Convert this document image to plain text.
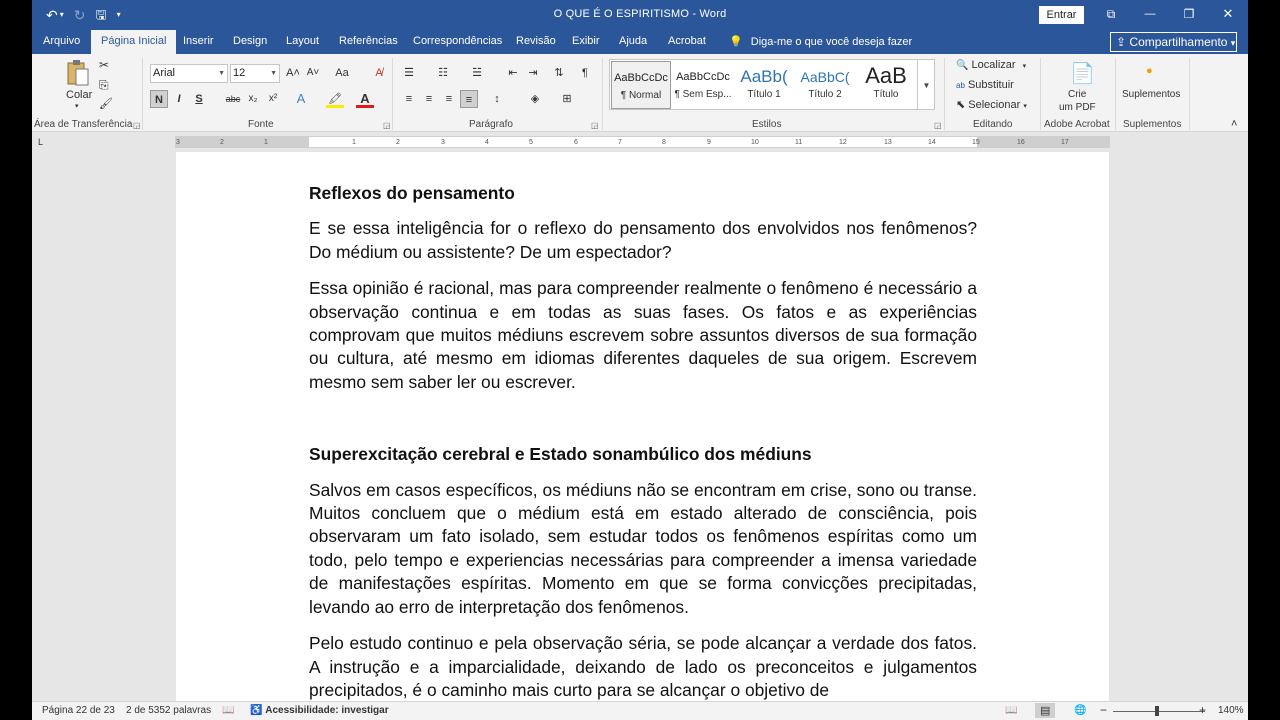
↶ ▾ ↻ 🖫 ▾	O QUE É O ESPIRITISMO - Word	Entrar	⧉	—	❐	✕
Arquivo	Página Inicial	Inserir Design Layout Referências Correspondências Revisão Exibir Ajuda Acrobat 💡 Diga-me o que você deseja fazer	⇪ Compartilhamento ▾
Colar
▾
✂
⎘
🖌
Área de Transferência ◲
Arial	▼ 12	▼ A˄ A˅	Aa	A̸
N	I	S	abc x₂	x²	A	🖍	A
Fonte	◲
☰	☷	☱	⇤ ⇥	⇅	¶
≡	≡	≡	≡	↕	◈	⊞
Parágrafo	◲
AaBbCcDc
¶ Normal
AaBbCcDc
¶ Sem Esp...
AaBb(
Título 1
AaBbC(
Título 2
AaB
Título
▼
Estilos	◲
🔍 Localizar ▾
ab Substituir
⬉ Selecionar ▾
Editando
📄
Crie
um PDF
Adobe Acrobat
●
Suplementos
Suplementos	˄
L	3	2	1	1	2	3	4	5	6	7	8	9	10	11	12	13	14	15	16	17
Reflexos do pensamento

E se essa inteligência for o reflexo do pensamento dos envolvidos nos fenômenos? Do médium ou assistente? De um espectador?

Essa opinião é racional, mas para compreender realmente o fenômeno é necessário a observação continua e em todas as suas fases. Os fatos e as experiências comprovam que muitos médiuns escrevem sobre assuntos diversos de sua formação ou cultura, até mesmo em idiomas diferentes daqueles de sua origem. Escrevem mesmo sem saber ler ou escrever.

Superexcitação cerebral e Estado sonambúlico dos médiuns

Salvos em casos específicos, os médiuns não se encontram em crise, sono ou transe. Muitos concluem que o médium está em estado alterado de consciência, pois observaram um fato isolado, sem estudar todos os fenômenos espíritas como um todo, pelo tempo e experiencias necessárias para compreender a imensa variedade de manifestações espíritas. Momento em que se forma convicções precipitadas, levando ao erro de interpretação dos fenômenos.

Pelo estudo continuo e pela observação séria, se pode alcançar a verdade dos fatos. A instrução e a imparcialidade, deixando de lado os preconceitos e julgamentos precipitados, é o caminho mais curto para se alcançar o objetivo de

Página 22 de 23 2 de 5352 palavras 📖 ♿ Acessibilidade: investigar	📖	▤	🌐 −	+ 140%
